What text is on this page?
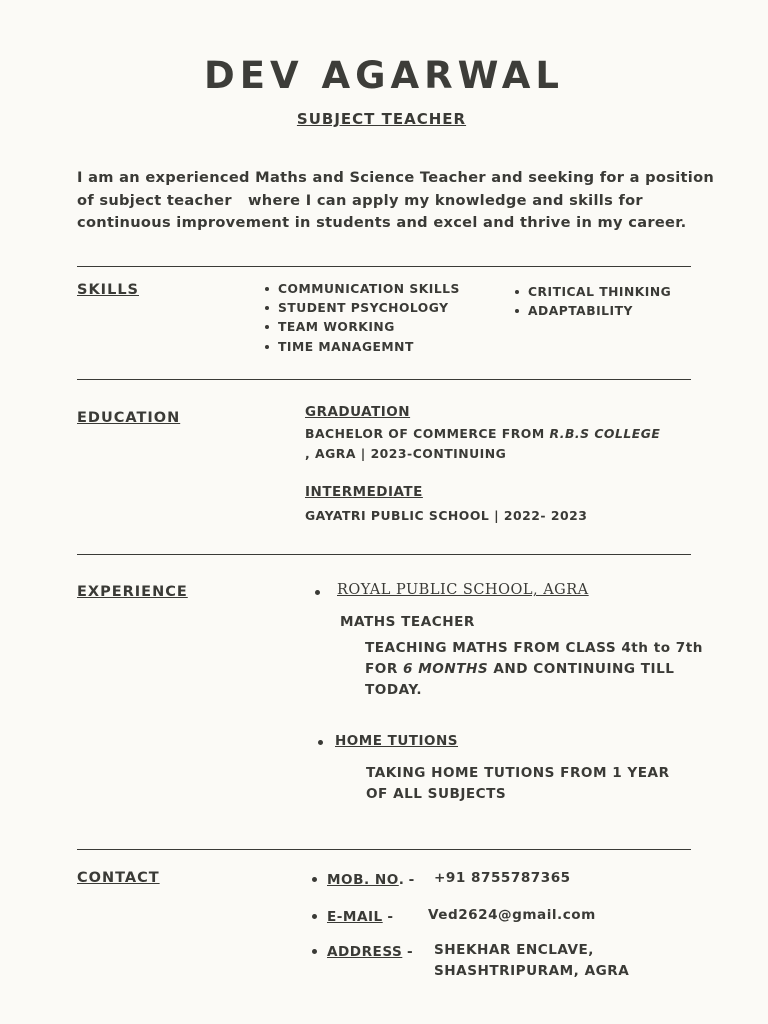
DEV AGARWAL
SUBJECT TEACHER
I am an experienced Maths and Science Teacher and seeking for a position of subject teacher   where I can apply my knowledge and skills for continuous improvement in students and excel and thrive in my career.
SKILLS	COMMUNICATION SKILLS
STUDENT PSYCHOLOGY
TEAM WORKING
TIME MANAGEMNT
CRITICAL THINKING
ADAPTABILITY
EDUCATION	GRADUATION
BACHELOR OF COMMERCE FROM R.B.S COLLEGE
, AGRA | 2023-CONTINUING
INTERMEDIATE
GAYATRI PUBLIC SCHOOL | 2022- 2023
EXPERIENCE	ROYAL PUBLIC SCHOOL, AGRA
MATHS TEACHER
TEACHING MATHS FROM CLASS 4th to 7th
FOR 6 MONTHS AND CONTINUING TILL
TODAY.
HOME TUTIONS
TAKING HOME TUTIONS FROM 1 YEAR
OF ALL SUBJECTS
CONTACT	MOB. NO. - +91 8755787365
E-MAIL -	Ved2624@gmail.com
ADDRESS - SHEKHAR ENCLAVE,
SHASHTRIPURAM, AGRA
